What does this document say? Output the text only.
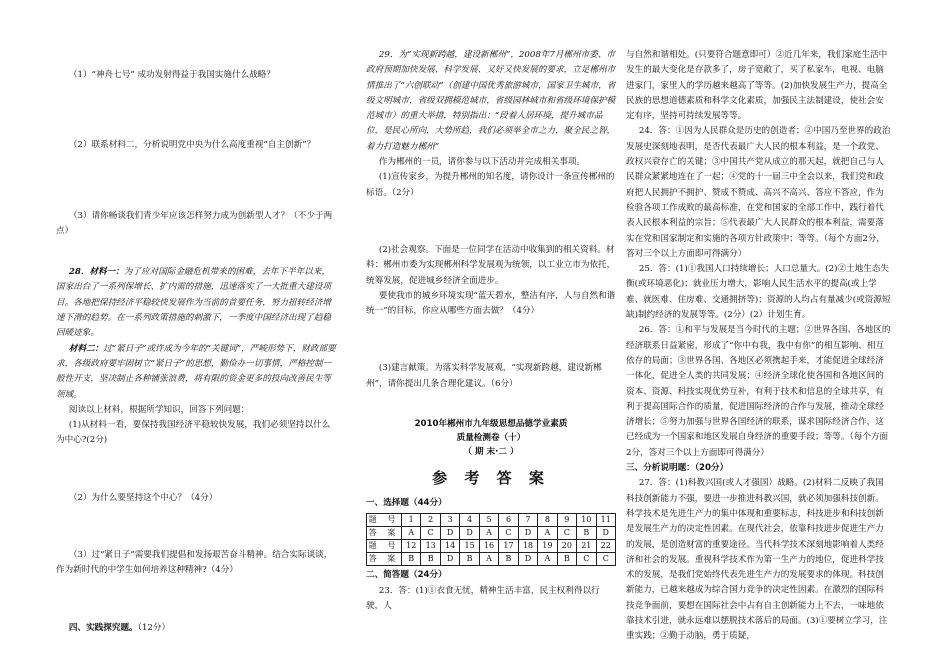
（1）“神舟七号” 成功发射得益于我国实施什么战略？

（2）联系材料二，分析说明党中央为什么高度重视“自主创新”？

（3）请你畅谈我们青少年应该怎样努力成为创新型人才？（不少于两点）

28．材料一：为了应对国际金融危机带来的困难，去年下半年以来，国家出台了一系列保增长、扩内需的措施，迅速落实了一大批重大建设项目。各地把保持经济平稳较快发展作为当前的首要任务，努力扭转经济增速下滑的趋势。在一系列政策措施的刺激下，一季度中国经济出现了趋稳回暖迹象。

材料二：过“紧日子”或许成为今年的“关键词”，严峻形势下，财政部要求，各级政府要牢固树立“紧日子”的思想，勤俭办一切事情，严格控制一般性开支，坚决制止各种铺张浪费，将有限的资金更多的投向改善民生等领域。

阅读以上材料，根据所学知识，回答下列问题：

(1)从材料一看，要保持我国经济平稳较快发展，我们必须坚持以什么为中心?(2分)

（2）为什么要坚持这个中心？（4分）

（3）过“紧日子”需要我们提倡和发扬艰苦奋斗精神。结合实际谈谈，作为新时代的中学生如何培养这种精神?（4分）

四、实践探究题。（12分）

29．为“实现新跨越，建设新郴州”，2008年7月郴州市委、市政府预期加快发展、科学发展、又好又快发展的要求，立足郴州市情推出了“六创联动”（创建中国优秀旅游城市，国家卫生城市，省级文明城市，省级双拥模范城市，省级园林城市和省级环境保护模范城市）的重大举措，特别指出：“段着人居环境，提升城市品位，是民心所向，大势所趋，我们必须举全市之力，聚全民之智，着力打造魅力郴州”

作为郴州的一员，请你参与以下活动并完成相关事项。

(1)宣传家乡，为提升郴州的知名度，请你设计一条宣传郴州的标语。（2分）

(2)社会观察。下面是一位同学在活动中收集到的相关资料。材料：郴州市委为实现郴州科学发展观为统领，以工业立市为依托，统筹发展，促进城乡经济全面进步。

要使我市的城乡环境实现“蓝天碧水，整洁有序，人与自然和谐统一”的目标，你应从哪些方面去做？（4分）

(3)建言献策。为落实科学发展观，“实现新跨越，建设新郴州”，请你提出几条合理化建议。（6分）

2010年郴州市九年级思想品德学业素质
质量检测卷（十）
（ 期 末·二 ）
参 考 答 案

一、选择题（44分）

题 号	1	2	3	4	5	6	7	8	9	10	11
答 案	A	C	D	D	A	C	D	A	C	B	D
题 号	12	13	14	15	16	17	18	19	20	21	22
答 案	B	B	D	B	A	B	D	A	B	C	C

二、简答题（24分）

23．答：(1)①衣食无忧，精神生活丰富，民主权利得以行驶，人

与自然和谐相处。(只要符合题意即可）②近几年来，我们家庭生活中发生的最大变化是存款多了，房子宽敞了，买了私家车，电视、电脑进家门，家里人的学历越来越高了等等。(2)加快发展生产力，提高全民族的思想道德素质和科学文化素质，加强民主法制建设，使社会安定有序，坚持可持续发展等等。

24．答：①因为人民群众是历史的创造者；②中国乃至世界的政治发展史深刻地表明，是否代表最广大人民的根本利益，是一个政党、政权兴衰存亡的关键；③中国共产党从成立的那天起，就把自己与人民群众紧紧地连在了一起；④党的十一届三中全会以来，我们党和政府把人民拥护不拥护、赞成不赞成、高兴不高兴、答应不答应，作为检验各项工作成败的最高标准，在党和国家的全部工作中，践行着代表人民根本利益的宗旨；⑤代表最广大人民群众的根本利益，需要落实在党和国家制定和实施的各项方针政策中；等等。（每个方面2分，答对三个以上方面即可得满分）

25．答：(1)①我国人口持续增长；人口总量大。(2)②土地生态失衡(或环境恶化)；就业压力增大，影响人民生活水平的提高(或上学难、就医难、住房难、交通拥挤等)；资源的人均占有量减少(或资源短缺)制约经济的发展等等。(2分）(2）计划生育。

26．答：①和平与发展是当今时代的主题；②世界各国、各地区的经济联系日益紧密，形成了“你中有我，我中有你”的相互影响、相互依存的局面；③世界各国、各地区必须携起手来，才能促进全球经济一体化，促进全人类的共同发展；④经济全球化使各国和各地区间的资本、资源、科技实现优势互补，有利于技术和信息的全球共享，有利于提高国际合作的质量，促进国际经济的合作与发展，推动全球经济增长；⑤努力加强与世界各国经济的联系，谋求国际经济合作，这已经成为一个国家和地区发展自身经济的重要手段；等等。（每个方面2分，答对三个以上方面即可得满分）

三、分析说明题：（20分）

27．答：(1)科教兴国(或人才强国）战略。(2)材料二反映了我国科技创新能力不强，要进一步推进科教兴国，就必须加强科技创新。科学技术是先进生产力的集中体现和重要标志，科技进步和科技创新是发展生产力的决定性因素。在现代社会，依靠科技进步促进生产力的发展，是创造财富的重要途径。当代科学技术深刻地影响着人类经济和社会的发展。重视科学技术作为第一生产力的地位，促进科学技术的发展，是我们党始终代表先进生产力的发展要求的体现。科技创新能力，已越来越成为综合国力竞争的决定性因素。在激烈的国际科技竞争面前，要想在国际社会中占有自主创新能力上不去，一味地依靠技术引进，就永远难以摆脱技术落后的局面。(3)①要树立学习，注重实践；②勤于动脑，勇于质疑，
